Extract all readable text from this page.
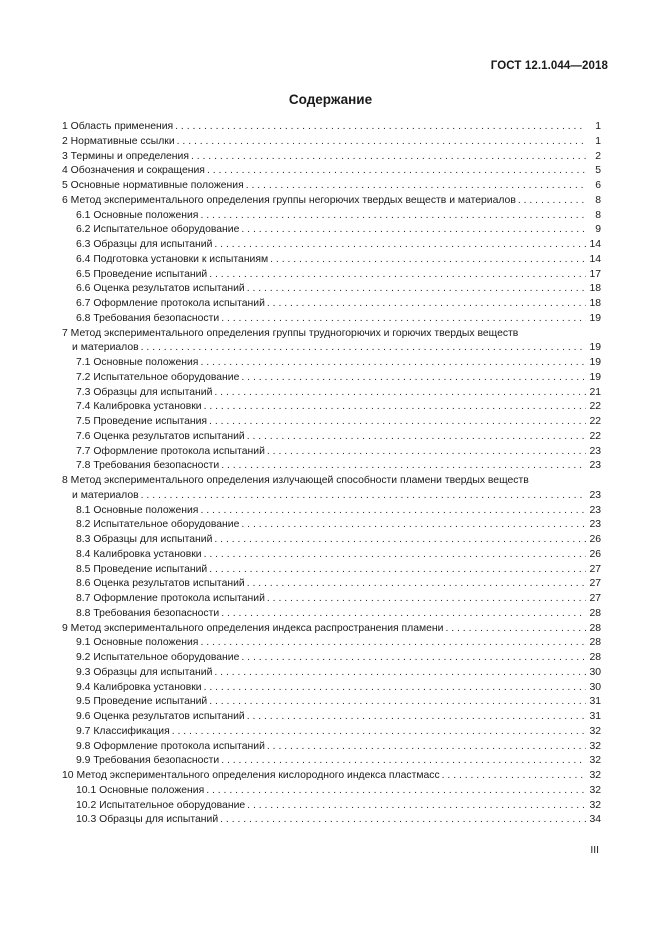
ГОСТ 12.1.044—2018
Содержание
1 Область применения . . .	1
2 Нормативные ссылки . . .	1
3 Термины и определения . . .	2
4 Обозначения и сокращения . . .	5
5 Основные нормативные положения . . .	6
6 Метод экспериментального определения группы негорючих твердых веществ и материалов . . .	8
6.1 Основные положения . . .	8
6.2 Испытательное оборудование . . .	9
6.3 Образцы для испытаний . . .	14
6.4 Подготовка установки к испытаниям . . .	14
6.5 Проведение испытаний . . .	17
6.6 Оценка результатов испытаний . . .	18
6.7 Оформление протокола испытаний . . .	18
6.8 Требования безопасности . . .	19
7 Метод экспериментального определения группы трудногорючих и горючих твердых веществ
и материалов . . .	19
7.1 Основные положения . . .	19
7.2 Испытательное оборудование . . .	19
7.3 Образцы для испытаний . . .	21
7.4 Калибровка установки . . .	22
7.5 Проведение испытания . . .	22
7.6 Оценка результатов испытаний . . .	22
7.7 Оформление протокола испытаний . . .	23
7.8 Требования безопасности . . .	23
8 Метод экспериментального определения излучающей способности пламени твердых веществ
и материалов . . .	23
8.1 Основные положения . . .	23
8.2 Испытательное оборудование . . .	23
8.3 Образцы для испытаний . . .	26
8.4 Калибровка установки . . .	26
8.5 Проведение испытаний . . .	27
8.6 Оценка результатов испытаний . . .	27
8.7 Оформление протокола испытаний . . .	27
8.8 Требования безопасности . . .	28
9 Метод экспериментального определения индекса распространения пламени . . .	28
9.1 Основные положения . . .	28
9.2 Испытательное оборудование . . .	28
9.3 Образцы для испытаний . . .	30
9.4 Калибровка установки . . .	30
9.5 Проведение испытаний . . .	31
9.6 Оценка результатов испытаний . . .	31
9.7 Классификация . . .	32
9.8 Оформление протокола испытаний . . .	32
9.9 Требования безопасности . . .	32
10 Метод экспериментального определения кислородного индекса пластмасс . . .	32
10.1 Основные положения . . .	32
10.2 Испытательное оборудование . . .	32
10.3 Образцы для испытаний . . .	34
III
